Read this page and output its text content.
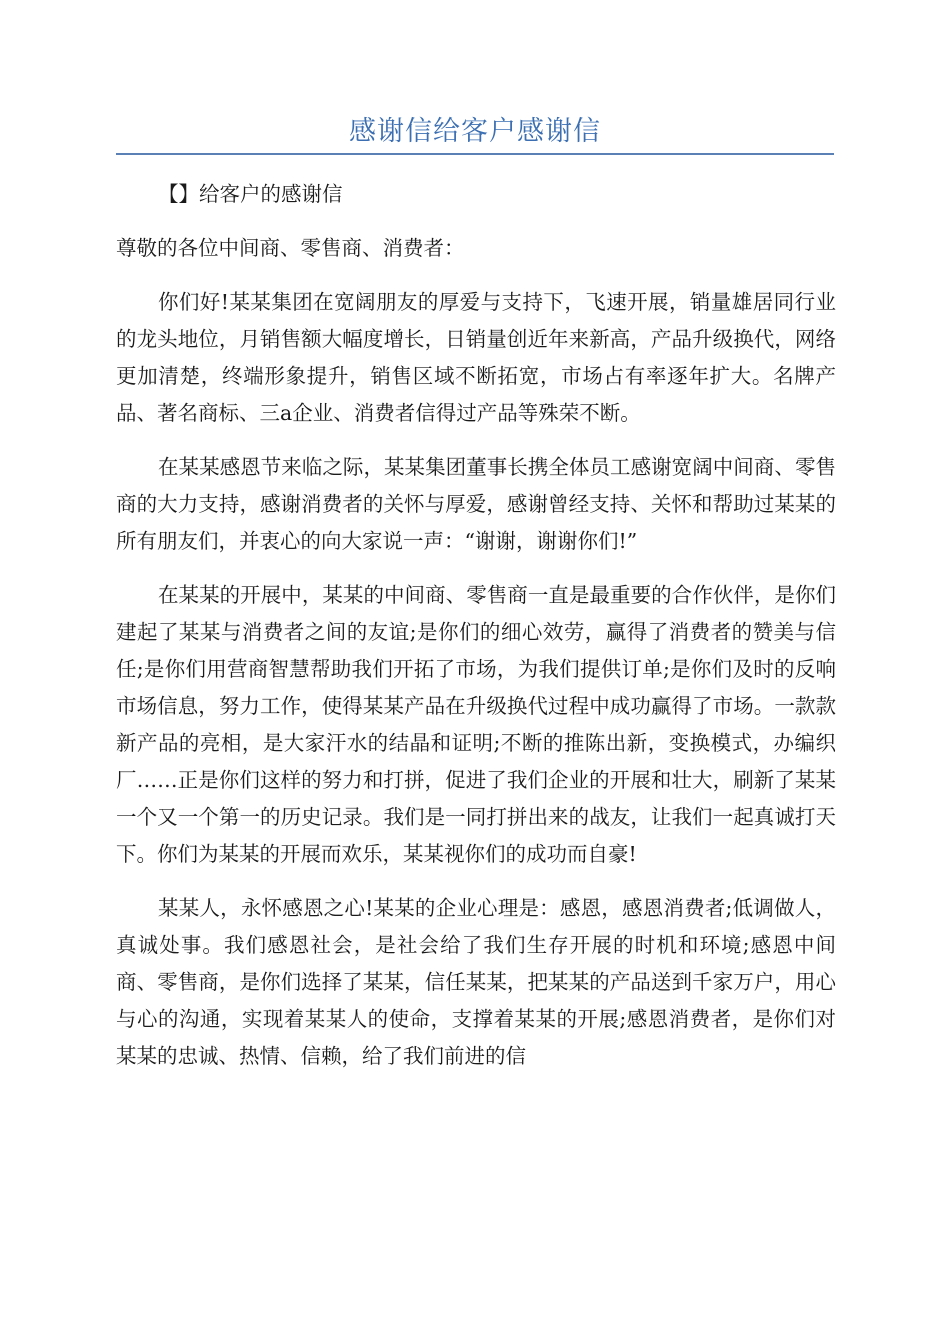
感谢信给客户感谢信

【】给客户的感谢信

尊敬的各位中间商、零售商、消费者：

你们好!某某集团在宽阔朋友的厚爱与支持下，飞速开展，销量雄居同行业的龙头地位，月销售额大幅度增长，日销量创近年来新高，产品升级换代，网络更加清楚，终端形象提升，销售区域不断拓宽，市场占有率逐年扩大。名牌产品、著名商标、三a企业、消费者信得过产品等殊荣不断。

在某某感恩节来临之际，某某集团董事长携全体员工感谢宽阔中间商、零售商的大力支持，感谢消费者的关怀与厚爱，感谢曾经支持、关怀和帮助过某某的所有朋友们，并衷心的向大家说一声：“谢谢，谢谢你们!”

在某某的开展中，某某的中间商、零售商一直是最重要的合作伙伴，是你们建起了某某与消费者之间的友谊;是你们的细心效劳，赢得了消费者的赞美与信任;是你们用营商智慧帮助我们开拓了市场，为我们提供订单;是你们及时的反响市场信息，努力工作，使得某某产品在升级换代过程中成功赢得了市场。一款款新产品的亮相，是大家汗水的结晶和证明;不断的推陈出新，变换模式，办编织厂……正是你们这样的努力和打拼，促进了我们企业的开展和壮大，刷新了某某一个又一个第一的历史记录。我们是一同打拼出来的战友，让我们一起真诚打天下。你们为某某的开展而欢乐，某某视你们的成功而自豪!

某某人，永怀感恩之心!某某的企业心理是：感恩，感恩消费者;低调做人，真诚处事。我们感恩社会，是社会给了我们生存开展的时机和环境;感恩中间商、零售商，是你们选择了某某，信任某某，把某某的产品送到千家万户，用心与心的沟通，实现着某某人的使命，支撑着某某的开展;感恩消费者，是你们对某某的忠诚、热情、信赖，给了我们前进的信
